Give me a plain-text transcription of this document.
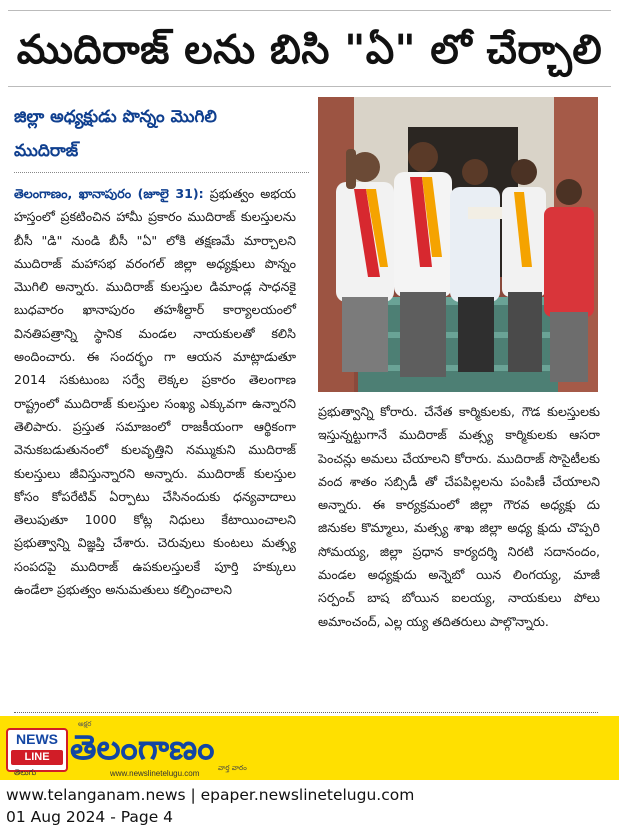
ముదిరాజ్ లను బిసి "ఏ" లో చేర్చాలి
జిల్లా అధ్యక్షుడు పొన్నం మొగిలి
ముదిరాజ్
తెలంగాణం, ఖానాపురం (జూలై 31): ప్రభుత్వం అభయ హస్తంలో ప్రకటించిన హామీ ప్రకారం ముదిరాజ్ కులస్తులను బీసీ "డి" నుండి బీసీ "ఏ" లోకి తక్షణమే మార్చాలని ముదిరాజ్ మహాసభ వరంగల్ జిల్లా అధ్యక్షులు పొన్నం మొగిలి అన్నారు. ముదిరాజ్ కులస్తుల డిమాండ్ల సాధనకై బుధవారం ఖానాపురం తహశీల్దార్ కార్యాలయంలో వినతిపత్రాన్ని స్థానిక మండల నాయకులతో కలిసి అందించారు. ఈ సందర్భం గా ఆయన మాట్లాడుతూ 2014 సకుటుంబ సర్వే లెక్కల ప్రకారం తెలంగాణ రాష్ట్రంలో ముదిరాజ్ కులస్తుల సంఖ్య ఎక్కువగా ఉన్నారని తెలిపారు. ప్రస్తుత సమాజంలో రాజకీయంగా ఆర్థికంగా వెనుకబడుతునంలో కులవృత్తిని నమ్ముకుని ముదిరాజ్ కులస్తులు జీవిస్తున్నారని అన్నారు. ముదిరాజ్ కులస్తుల కోసం కోపరేటివ్ ఏర్పాటు చేసినందుకు ధన్యవాదాలు తెలుపుతూ 1000 కోట్ల నిధులు కేటాయించాలని ప్రభుత్వాన్ని విజ్ఞప్తి చేశారు. చెరువులు కుంటలు మత్స్య సంపదపై ముదిరాజ్ ఉపకులస్తులకే పూర్తి హక్కులు ఉండేలా ప్రభుత్వం అనుమతులు కల్పించాలని
ప్రభుత్వాన్ని కోరారు. చేనేత కార్మికులకు, గౌడ కులస్తులకు ఇస్తున్నట్టుగానే ముదిరాజ్ మత్స్య కార్మికులకు ఆసరా పెంచన్లు అమలు చేయాలని కోరారు. ముదిరాజ్ సొసైటీలకు వంద శాతం సబ్సిడీ తో చేపపిల్లలను పంపిణీ చేయాలని అన్నారు. ఈ కార్యక్రమంలో జిల్లా గౌరవ అధ్యక్షు దు జినుకల కొమ్మాలు, మత్స్య శాఖ జిల్లా అధ్య క్షుదు చొప్పరి సోమయ్య, జిల్లా ప్రధాన కార్యదర్శి నిరటి సదానందం, మండల అధ్యక్షుదు అన్నెబో యిన లింగయ్య, మాజీ సర్పంచ్ బాష బోయిన ఐలయ్య, నాయకులు పోలు అమాంచంద్, ఎల్ల య్య తదితరులు పాల్గొన్నారు.
NEWS
LINE
తెలుగు
అక్షర
తెలంగాణం వార్త వారం
www.newslinetelugu.com
www.telanganam.news | epaper.newslinetelugu.com
01 Aug 2024 - Page 4
